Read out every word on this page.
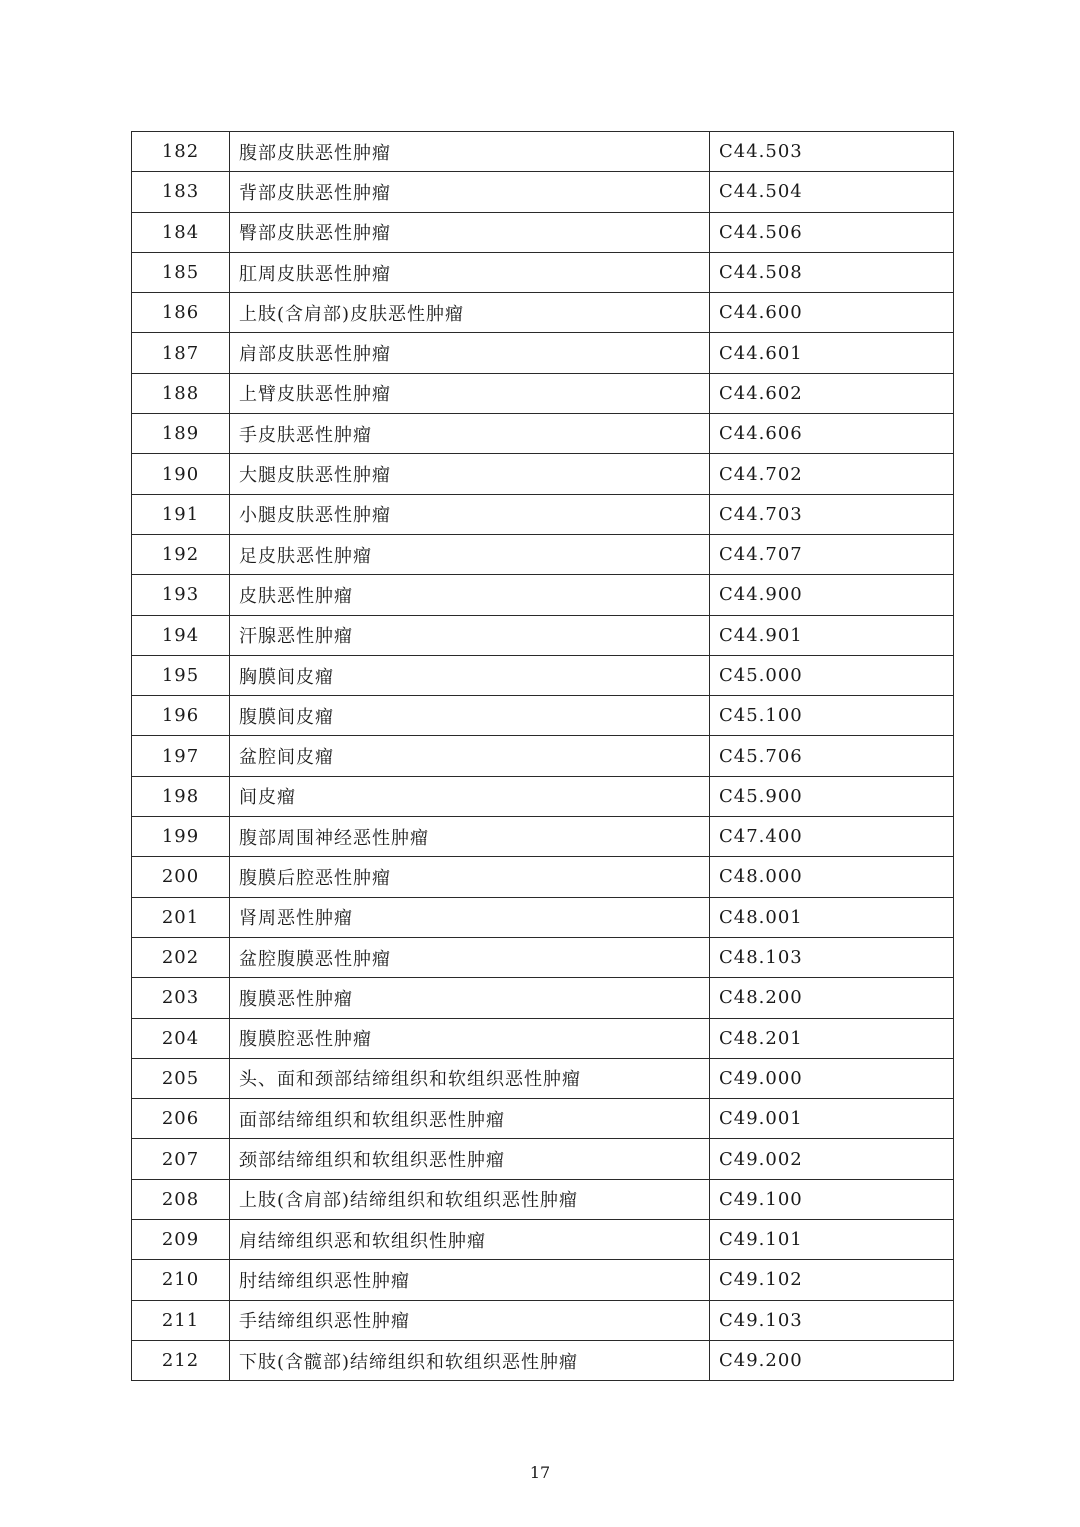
182	腹部皮肤恶性肿瘤	C44.503
183	背部皮肤恶性肿瘤	C44.504
184	臀部皮肤恶性肿瘤	C44.506
185	肛周皮肤恶性肿瘤	C44.508
186	上肢(含肩部)皮肤恶性肿瘤	C44.600
187	肩部皮肤恶性肿瘤	C44.601
188	上臂皮肤恶性肿瘤	C44.602
189	手皮肤恶性肿瘤	C44.606
190	大腿皮肤恶性肿瘤	C44.702
191	小腿皮肤恶性肿瘤	C44.703
192	足皮肤恶性肿瘤	C44.707
193	皮肤恶性肿瘤	C44.900
194	汗腺恶性肿瘤	C44.901
195	胸膜间皮瘤	C45.000
196	腹膜间皮瘤	C45.100
197	盆腔间皮瘤	C45.706
198	间皮瘤	C45.900
199	腹部周围神经恶性肿瘤	C47.400
200	腹膜后腔恶性肿瘤	C48.000
201	肾周恶性肿瘤	C48.001
202	盆腔腹膜恶性肿瘤	C48.103
203	腹膜恶性肿瘤	C48.200
204	腹膜腔恶性肿瘤	C48.201
205	头、面和颈部结缔组织和软组织恶性肿瘤	C49.000
206	面部结缔组织和软组织恶性肿瘤	C49.001
207	颈部结缔组织和软组织恶性肿瘤	C49.002
208	上肢(含肩部)结缔组织和软组织恶性肿瘤	C49.100
209	肩结缔组织恶和软组织性肿瘤	C49.101
210	肘结缔组织恶性肿瘤	C49.102
211	手结缔组织恶性肿瘤	C49.103
212	下肢(含髋部)结缔组织和软组织恶性肿瘤	C49.200
17
